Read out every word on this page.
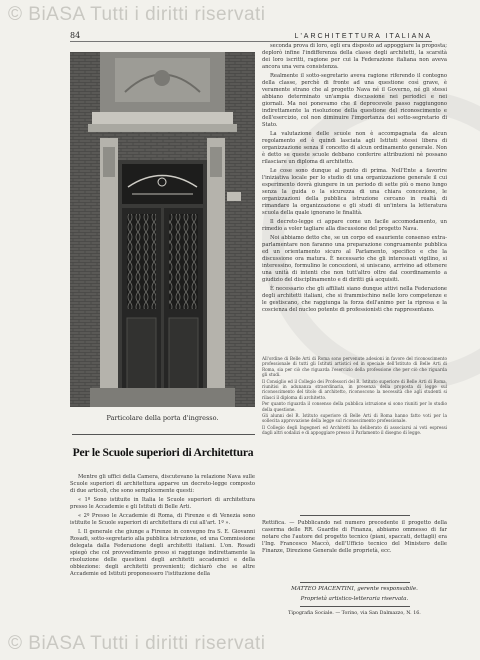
© BiASA Tutti i diritti riservati
84	L'ARCHITETTURA ITALIANA
Particolare della porta d'ingresso.
Per le Scuole superiori di Architettura

Mentre gli uffici della Camera, discutevano la relazione Nava sulle Scuole superiori di architettura apparve un decreto-legge composto di due articoli, che sono semplicemente questi:

« 1º Sono istituite in Italia le Scuole superiori di architettura presso le Accademie e gli Istituti di Belle Arti.

« 2º Presso le Accademie di Roma, di Firenze e di Venezia sono istituite le Scuole superiori di architettura di cui all'art. 1º ».

I. Il generale che giunge a Firenze in convegno fra S. E. Giovanni Rosadi, sotto-segretario alla pubblica istruzione, ed una Commissione delegata dalla Federazione degli architetti italiani. L'on. Rosadi spiegò che col provvedimento preso si raggiunge indirettamente la risoluzione delle questioni degli architetti accademici e della obbiezione: degli architetti provenienti; dichiarò che se altre Accademie ed Istituti proponessero l'istituzione della

seconda prova di loro, egli era disposto ad appoggiare la proposta; deplorò infine l'indifferenza della classe degli architetti, la scarsità dei loro iscritti, ragione per cui la Federazione italiana non aveva ancora una vera consistenza.

Realmente il sotto-segretario aveva ragione riferendo il contegno della classe, perchè di fronte ad una questione così grave, è veramente strano che al progetto Nava né il Governo, né gli stessi abbiano determinato un'ampia discussione nei periodici e nei giornali. Ma noi ponevamo che il deprecevole passo raggiungono indirettamente la risoluzione della questione del riconoscimento e dell'esercizio, col non diminuire l'importanza dei sotto-segretario di Stato.

La valutazione delle scuole non è accompagnata da alcun regolamento ed è quindi lasciata agli Istituti stessi libera di organizzazione senza il concetto di alcun ordinamento generale. Non è detto se queste scuole debbano conferire attribuzioni nè possano rilasciare un diploma di architetto.

Le cose sono dunque al punto di prima. Nell'Ente a favorire l'iniziativa locale per lo studio di una organizzazione generale il cui esperimento dovrà giungere in un periodo di sette più o meno lungo senza la guida o la sicurezza di una chiara concezione, le organizzazioni della pubblica istruzione cercano in realtà di rimandare la organizzazione e gli studi di un'intera la letteratura scuola della quale ignorano le finalità.

Il decreto-legge ci appare come un facile accomodamento, un rimedio a voler tagliare alla discussione del progetto Nava.

Noi abbiamo detto che, se un corpo ed esauriente consenso extra-parlamentare non faranno una preparazione congruamente pubblica ed un orientamento sicuro al Parlamento, specifico e che la discussione ora matura. È necessario che gli interessati vigilino, si interessino, formulino le concezioni, si uniscano, arrivino ad ottenere una unità di intenti che non tutt'altro oltre dal coordinamento a giudizio del disciplinamento e di diritti già acquisiti.

È necessario che gli affiliati siano dunque attivi nella Federazione degli architetti italiani, che si frammischino nelle loro competenze e le gestiscano, che raggiunga la forza dell'animo per la ripresa e la coscienza del nucleo potente di professionisti che rappresentano.

All'ordine di Belle Arti di Roma sono pervenute adesioni in favore del riconoscimento professionale di tutti gli Istituti artistici ed in speciale dell'Istituto di Belle Arti di Roma, sia per ciò che riguarda l'esercizio della professione che per ciò che riguarda gli studi.

Il Consiglio ed il Collegio dei Professori del R. Istituto superiore di Belle Arti di Roma, riunitisi in adunanza straordinaria, in presenza della proposta di legge sul riconoscimento del titolo di architetto, riconoscono la necessità che agli studenti si rilasci il diploma di architetto.

Per quanto riguarda il consenso della pubblica istruzione si sono riuniti per lo studio della questione.

Gli alunni del R. Istituto superiore di Belle Arti di Roma hanno fatto voti per la sollecita approvazione della legge sul riconoscimento professionale.

Il Collegio degli Ingegneri ed Architetti ha deliberato di associarsi ai voti espressi dagli altri sodalizi e di appoggiare presso il Parlamento il disegno di legge.

Rettifica. — Pubblicando nel numero precedente il progetto della caserma delle RR. Guardie di Finanza, abbiamo ommesso di far notare che l'autore del progetto tecnico (piani, spaccati, dettagli) era l'Ing. Francesco Maccò, dell'Ufficio tecnico del Ministero delle Finanze, Direzione Generale delle proprietà, ecc.
MATTEO PIACENTINI, gerente responsabile.
Proprietà artistico-letteraria riservata.
Tipografia Sociale. — Torino, via San Dalmazzo, N. 16.
© BiASA Tutti i diritti riservati
